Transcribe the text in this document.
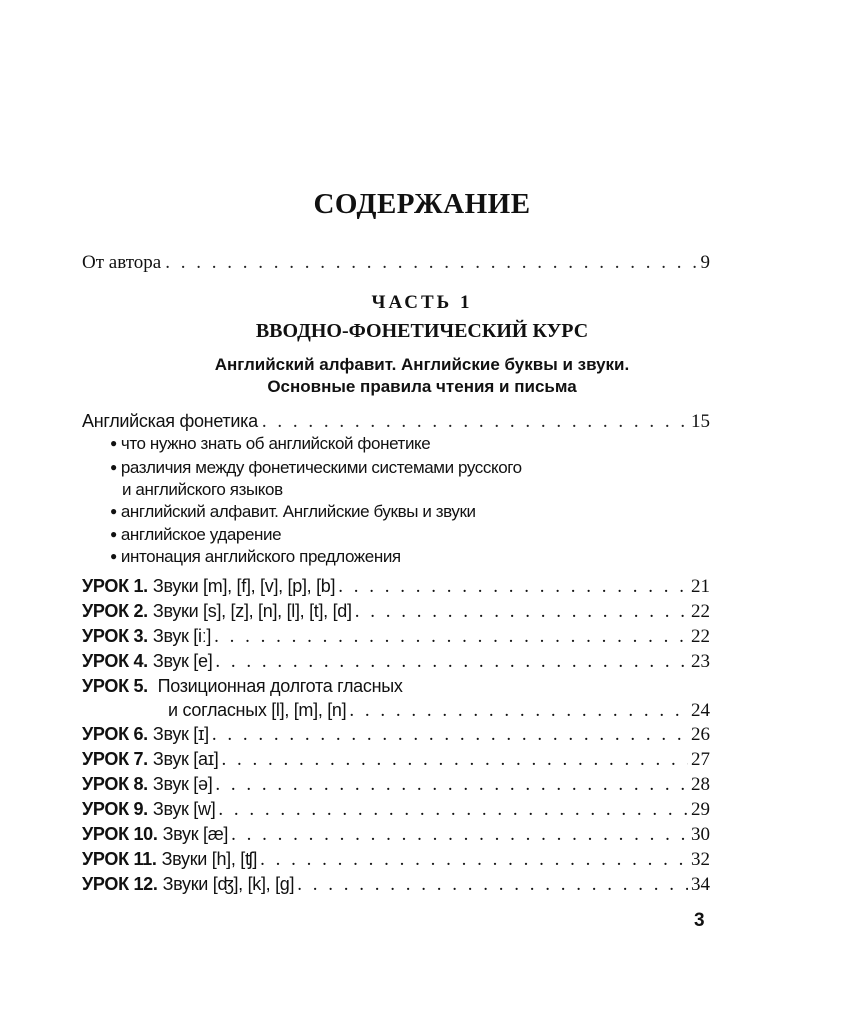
СОДЕРЖАНИЕ
От автора . . .	9
ЧАСТЬ 1
ВВОДНО-ФОНЕТИЧЕСКИЙ КУРС
Английский алфавит. Английские буквы и звуки.
Основные правила чтения и письма
Английская фонетика . . .	15
● что нужно знать об английской фонетике
● различия между фонетическими системами русского
и английского языков
● английский алфавит. Английские буквы и звуки
● английское ударение
● интонация английского предложения
УРОК 1. Звуки [m], [f], [v], [p], [b] . . .	21
УРОК 2. Звуки [s], [z], [n], [l], [t], [d] . . .	22
УРОК 3. Звук [iː] . . .	22
УРОК 4. Звук [e] . . .	23
УРОК 5. Позиционная долгота гласных
и согласных [l], [m], [n] . . .	24
УРОК 6. Звук [ɪ] . . .	26
УРОК 7. Звук [aɪ] . . .	27
УРОК 8. Звук [ə] . . .	28
УРОК 9. Звук [w] . . .	29
УРОК 10. Звук [æ] . . .	30
УРОК 11. Звуки [h], [ʧ] . . .	32
УРОК 12. Звуки [ʤ], [k], [g] . . .	34
3
